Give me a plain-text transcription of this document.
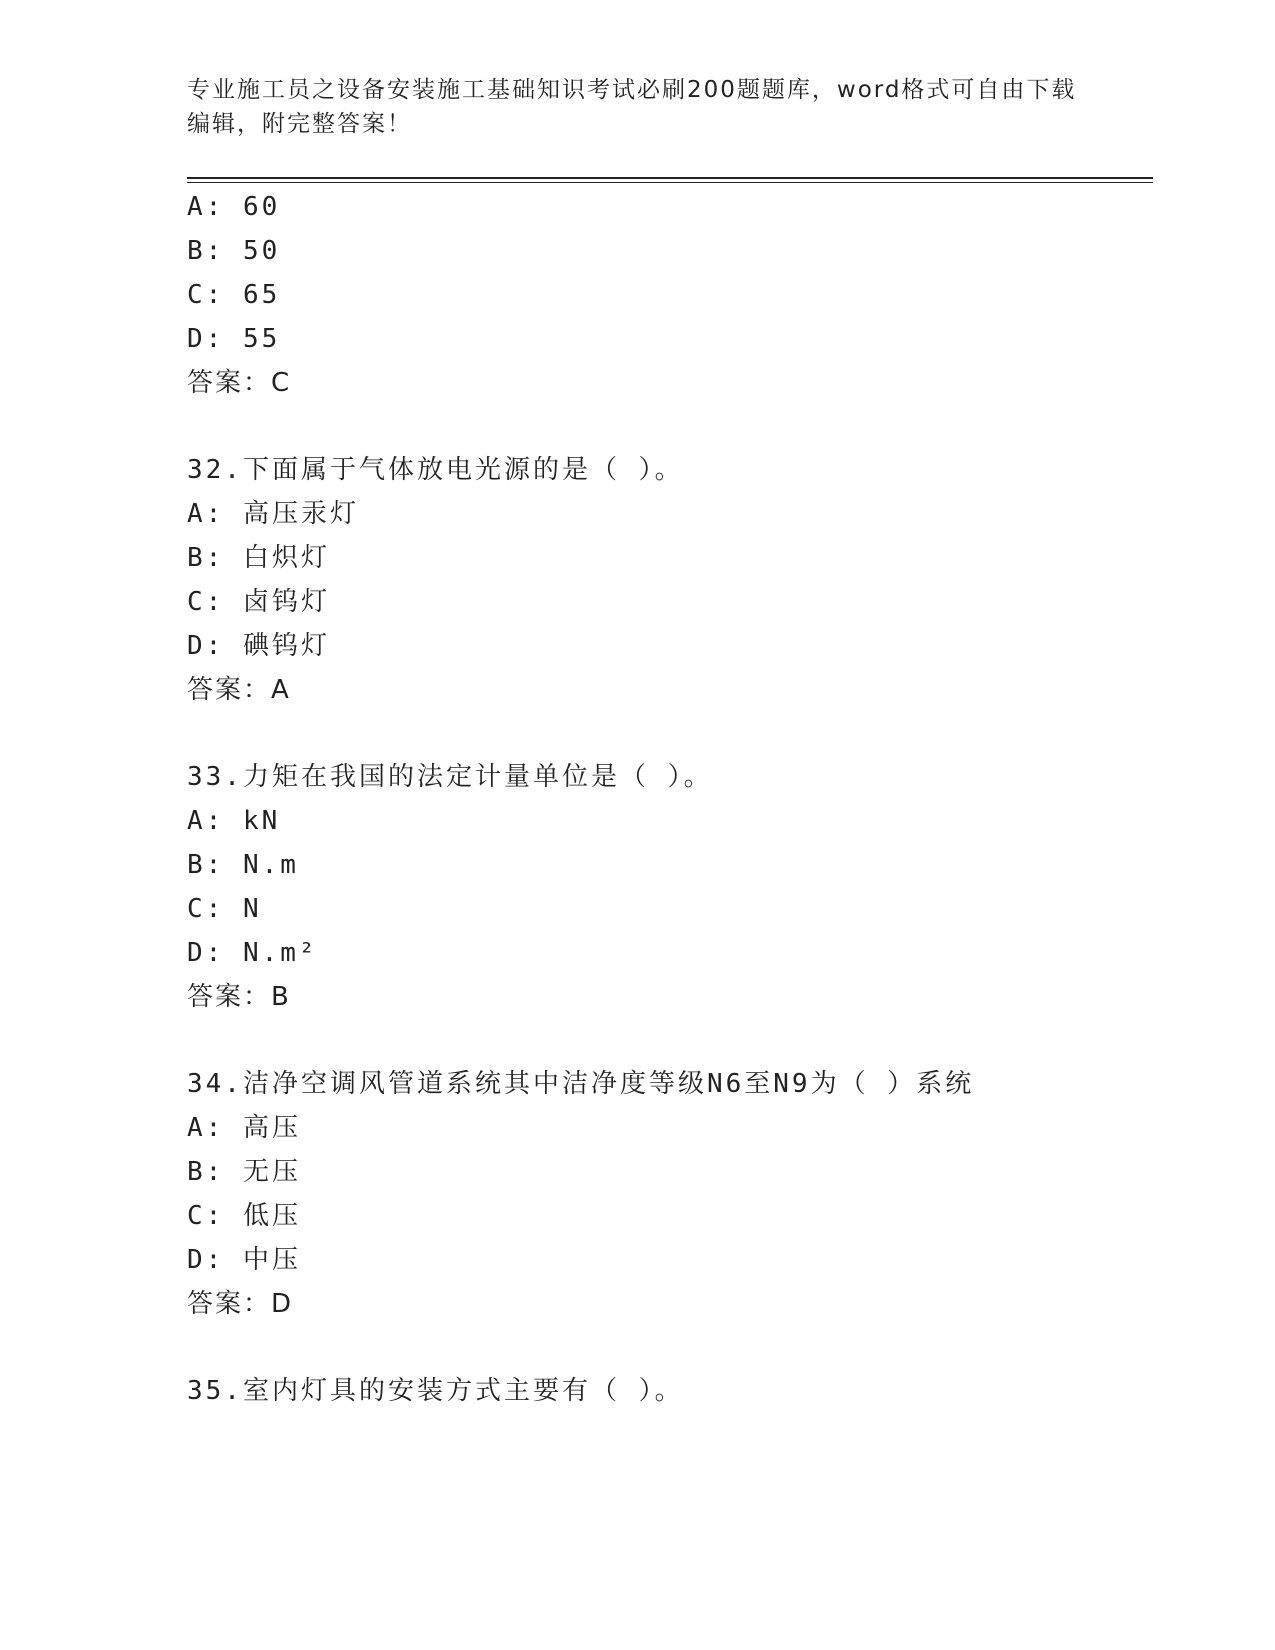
专业施工员之设备安装施工基础知识考试必刷200题题库，word格式可自由下载
编辑，附完整答案！
A: 60
B: 50
C: 65
D: 55
答案：C
32.下面属于气体放电光源的是（ ）。
A: 高压汞灯
B: 白炽灯
C: 卤钨灯
D: 碘钨灯
答案：A
33.力矩在我国的法定计量单位是（ ）。
A: kN
B: N.m
C: N
D: N.m²
答案：B
34.洁净空调风管道系统其中洁净度等级N6至N9为（ ）系统
A: 高压
B: 无压
C: 低压
D: 中压
答案：D
35.室内灯具的安装方式主要有（ ）。
